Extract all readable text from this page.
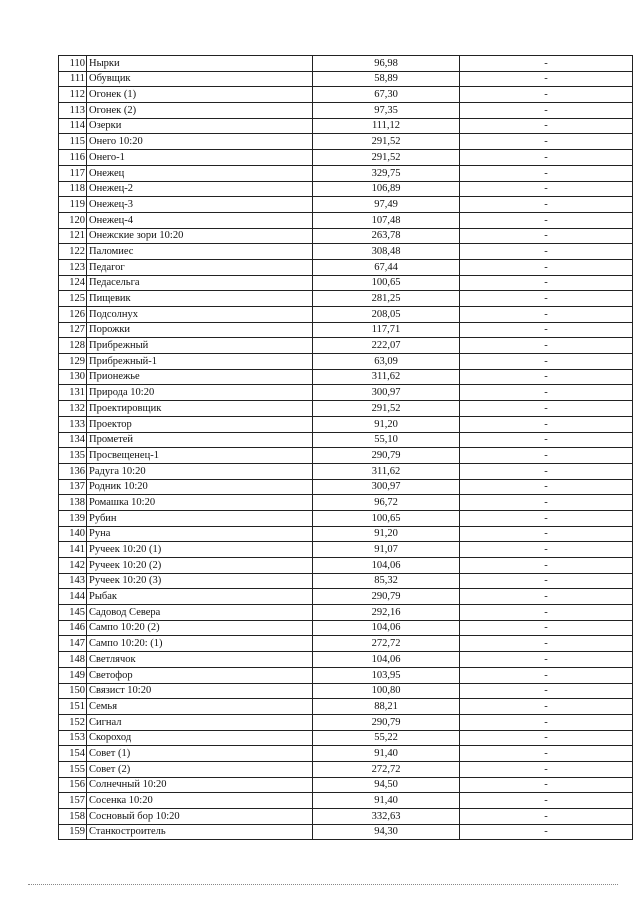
110	Нырки	96,98	-
111	Обувщик	58,89	-
112	Огонек (1)	67,30	-
113	Огонек (2)	97,35	-
114	Озерки	111,12	-
115	Онего 10:20	291,52	-
116	Онего-1	291,52	-
117	Онежец	329,75	-
118	Онежец-2	106,89	-
119	Онежец-3	97,49	-
120	Онежец-4	107,48	-
121	Онежские зори 10:20	263,78	-
122	Паломиес	308,48	-
123	Педагог	67,44	-
124	Педасельга	100,65	-
125	Пищевик	281,25	-
126	Подсолнух	208,05	-
127	Порожки	117,71	-
128	Прибрежный	222,07	-
129	Прибрежный-1	63,09	-
130	Прионежье	311,62	-
131	Природа 10:20	300,97	-
132	Проектировщик	291,52	-
133	Проектор	91,20	-
134	Прометей	55,10	-
135	Просвещенец-1	290,79	-
136	Радуга 10:20	311,62	-
137	Родник 10:20	300,97	-
138	Ромашка 10:20	96,72	-
139	Рубин	100,65	-
140	Руна	91,20	-
141	Ручеек 10:20 (1)	91,07	-
142	Ручеек 10:20 (2)	104,06	-
143	Ручеек 10:20 (3)	85,32	-
144	Рыбак	290,79	-
145	Садовод Севера	292,16	-
146	Сампо 10:20 (2)	104,06	-
147	Сампо 10:20: (1)	272,72	-
148	Светлячок	104,06	-
149	Светофор	103,95	-
150	Связист 10:20	100,80	-
151	Семья	88,21	-
152	Сигнал	290,79	-
153	Скороход	55,22	-
154	Совет (1)	91,40	-
155	Совет (2)	272,72	-
156	Солнечный 10:20	94,50	-
157	Сосенка 10:20	91,40	-
158	Сосновый бор 10:20	332,63	-
159	Станкостроитель	94,30	-
